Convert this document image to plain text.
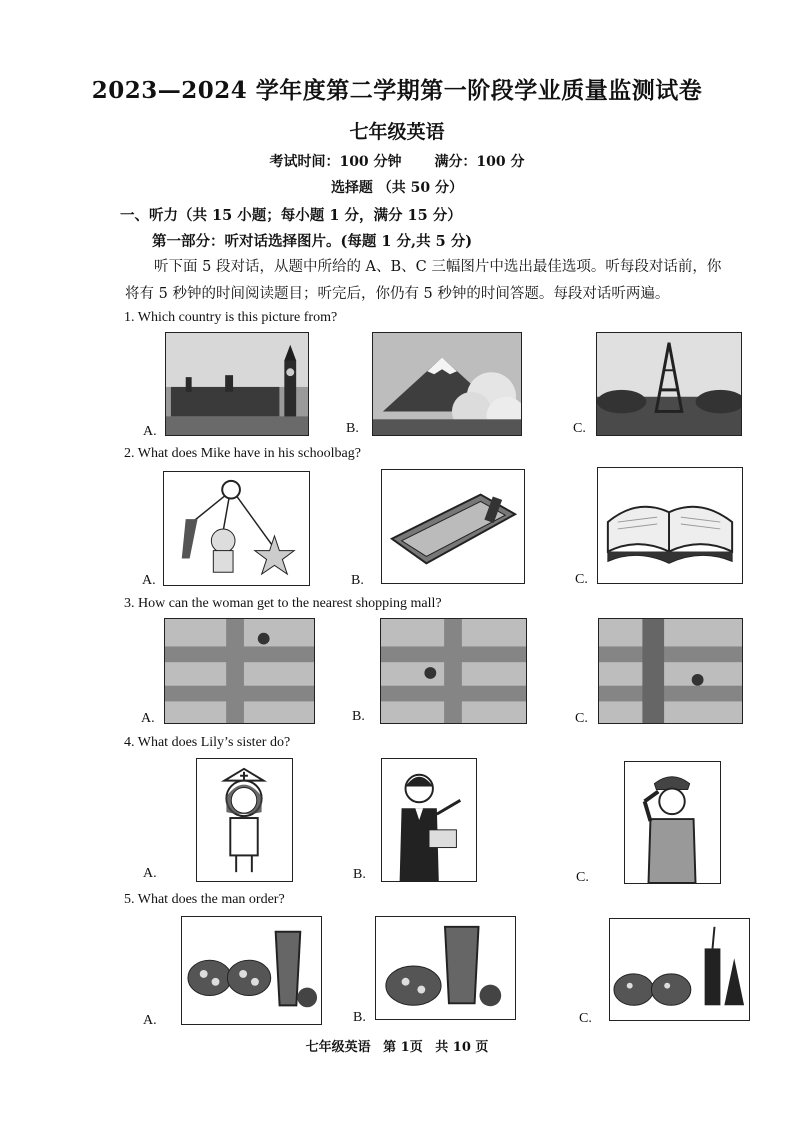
2023—2024 学年度第二学期第一阶段学业质量监测试卷
七年级英语
考试时间：100 分钟 满分：100 分
选择题 （共 50 分）
一、听力（共 15 小题；每小题 1 分，满分 15 分）
第一部分：听对话选择图片。(每题 1 分,共 5 分)
听下面 5 段对话，从题中所给的 A、B、C 三幅图片中选出最佳选项。听每段对话前，你将有 5 秒钟的时间阅读题目；听完后，你仍有 5 秒钟的时间答题。每段对话听两遍。
1. Which country is this picture from?
A.	B.	C.
2. What does Mike have in his schoolbag?
A.	B.	C.
3. How can the woman get to the nearest shopping mall?
A.	B.	C.
4. What does Lily’s sister do?
A.	B.	C.
5. What does the man order?
A.	B.	C.
七年级英语 第 1页 共 10 页
